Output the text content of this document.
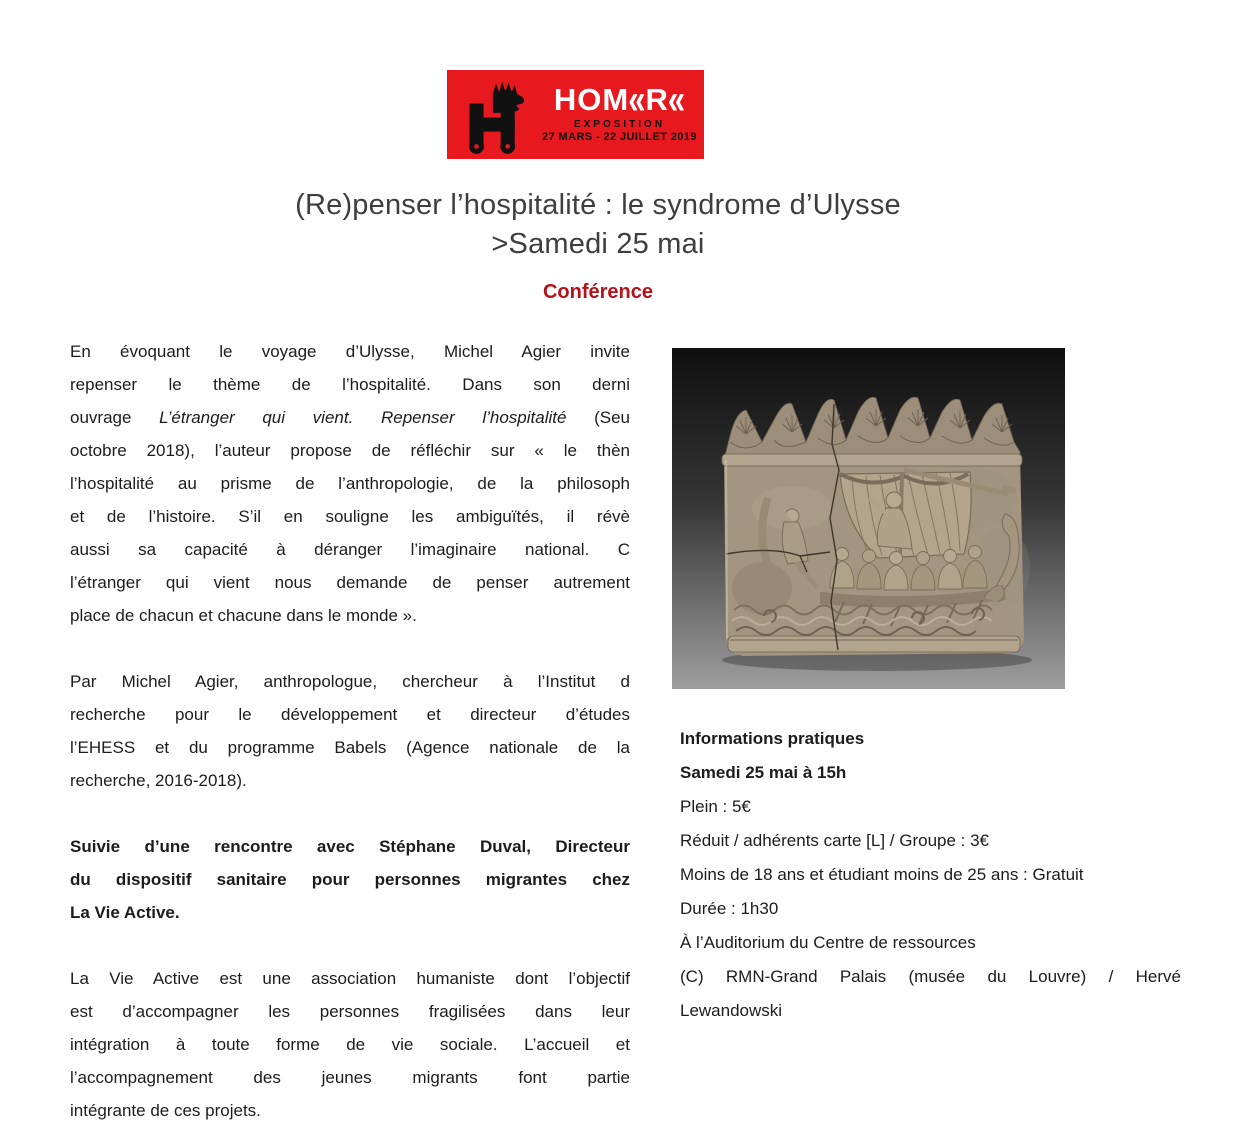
HOM«R«
EXPOSITION
27 MARS - 22 JUILLET 2019
(Re)penser l’hospitalité : le syndrome d’Ulysse
>Samedi 25 mai
Conférence
En évoquant le voyage d’Ulysse, Michel Agier invite
repenser le thème de l’hospitalité. Dans son derni
ouvrage L’étranger qui vient. Repenser l’hospitalité (Seu
octobre 2018), l’auteur propose de réfléchir sur « le thèn
l’hospitalité au prisme de l’anthropologie, de la philosoph
et de l’histoire. S’il en souligne les ambiguïtés, il révè
aussi sa capacité à déranger l’imaginaire national. C
l’étranger qui vient nous demande de penser autrement
place de chacun et chacune dans le monde ».
Par Michel Agier, anthropologue, chercheur à l’Institut d
recherche pour le développement et directeur d’études
l’EHESS et du programme Babels (Agence nationale de la
recherche, 2016-2018).
Suivie d’une rencontre avec Stéphane Duval, Directeur
du dispositif sanitaire pour personnes migrantes chez
La Vie Active.
La Vie Active est une association humaniste dont l’objectif
est d’accompagner les personnes fragilisées dans leur
intégration à toute forme de vie sociale. L’accueil et
l’accompagnement des jeunes migrants font partie
intégrante de ces projets.
Informations pratiques
Samedi 25 mai à 15h
Plein : 5€
Réduit / adhérents carte [L] / Groupe : 3€
Moins de 18 ans et étudiant moins de 25 ans : Gratuit
Durée : 1h30
À l’Auditorium du Centre de ressources
(C) RMN-Grand Palais (musée du Louvre) / Hervé
Lewandowski
